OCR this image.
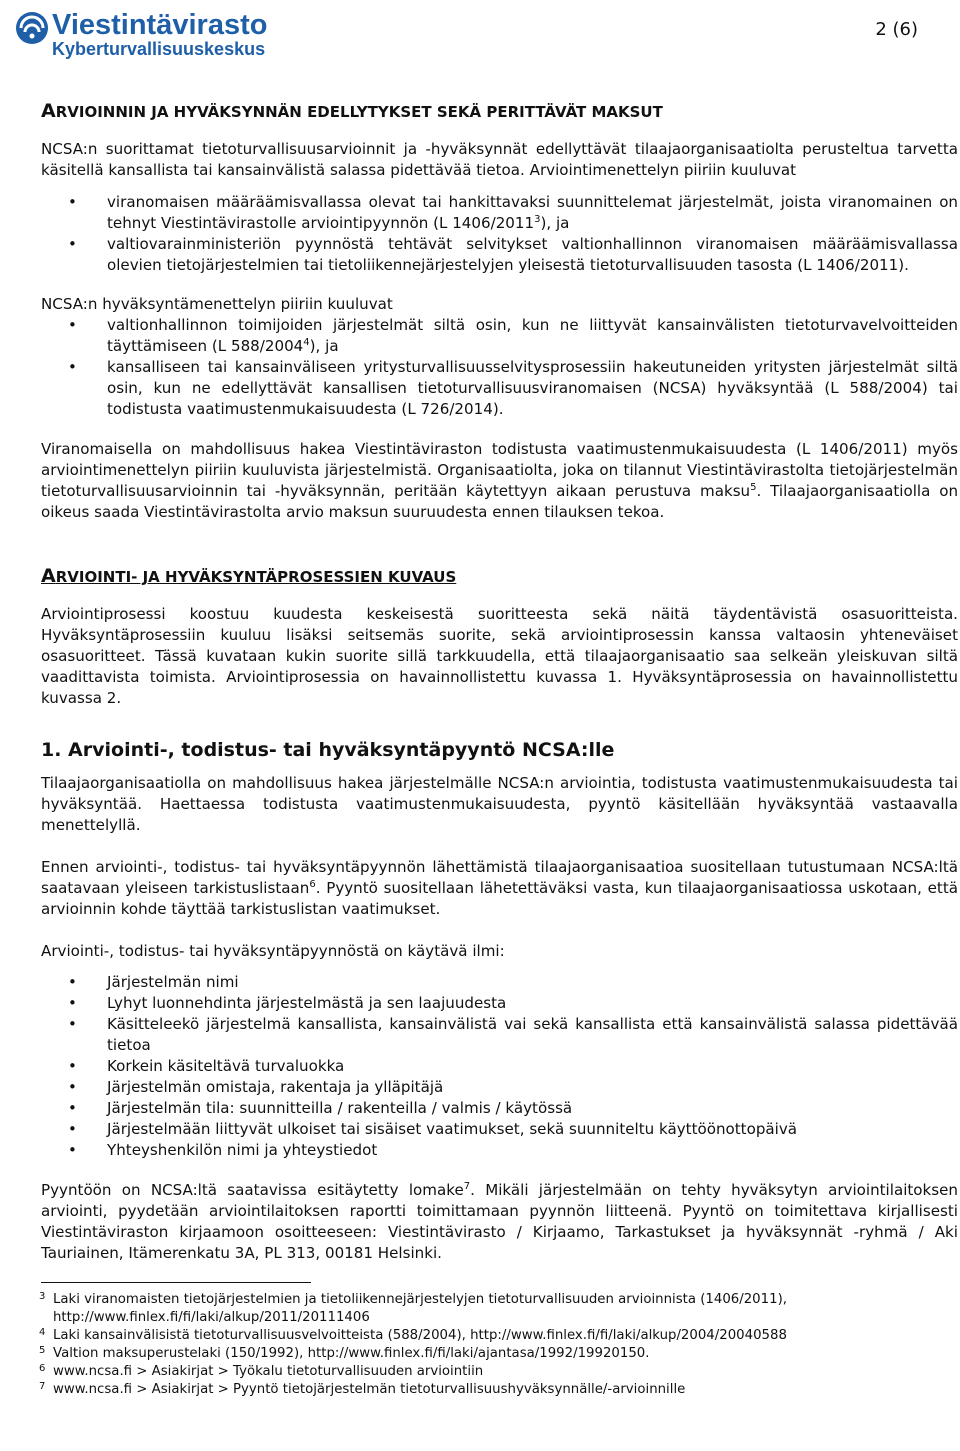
Viestintävirasto
Kyberturvallisuuskeskus
2 (6)

ARVIOINNIN JA HYVÄKSYNNÄN EDELLYTYKSET SEKÄ PERITTÄVÄT MAKSUT

NCSA:n suorittamat tietoturvallisuusarvioinnit ja -hyväksynnät edellyttävät tilaajaorganisaatiolta perusteltua tarvetta käsitellä kansallista tai kansainvälistä salassa pidettävää tietoa. Arviointimenettelyn piiriin kuuluvat

• viranomaisen määräämisvallassa olevat tai hankittavaksi suunnittelemat järjestelmät, joista viranomainen on tehnyt Viestintävirastolle arviointipyynnön (L 1406/2011$^3$), ja
• valtiovarainministeriön pyynnöstä tehtävät selvitykset valtionhallinnon viranomaisen määräämisvallassa olevien tietojärjestelmien tai tietoliikennejärjestelyjen yleisestä tietoturvallisuuden tasosta (L 1406/2011).

NCSA:n hyväksyntämenettelyn piiriin kuuluvat

• valtionhallinnon toimijoiden järjestelmät siltä osin, kun ne liittyvät kansainvälisten tietoturvavelvoitteiden täyttämiseen (L 588/2004$^4$), ja
• kansalliseen tai kansainväliseen yritysturvallisuusselvitysprosessiin hakeutuneiden yritysten järjestelmät siltä osin, kun ne edellyttävät kansallisen tietoturvallisuusviranomaisen (NCSA) hyväksyntää (L 588/2004) tai todistusta vaatimustenmukaisuudesta (L 726/2014).

Viranomaisella on mahdollisuus hakea Viestintäviraston todistusta vaatimustenmukaisuudesta (L 1406/2011) myös arviointimenettelyn piiriin kuuluvista järjestelmistä. Organisaatiolta, joka on tilannut Viestintävirastolta tietojärjestelmän tietoturvallisuusarvioinnin tai -hyväksynnän, peritään käytettyyn aikaan perustuva maksu$^5$. Tilaajaorganisaatiolla on oikeus saada Viestintävirastolta arvio maksun suuruudesta ennen tilauksen tekoa.

ARVIOINTI- JA HYVÄKSYNTÄPROSESSIEN KUVAUS

Arviointiprosessi koostuu kuudesta keskeisestä suoritteesta sekä näitä täydentävistä osasuoritteista. Hyväksyntäprosessiin kuuluu lisäksi seitsemäs suorite, sekä arviointiprosessin kanssa valtaosin yhteneväiset osasuoritteet. Tässä kuvataan kukin suorite sillä tarkkuudella, että tilaajaorganisaatio saa selkeän yleiskuvan siltä vaadittavista toimista. Arviointiprosessia on havainnollistettu kuvassa 1. Hyväksyntäprosessia on havainnollistettu kuvassa 2.

1. Arviointi-, todistus- tai hyväksyntäpyyntö NCSA:lle

Tilaajaorganisaatiolla on mahdollisuus hakea järjestelmälle NCSA:n arviointia, todistusta vaatimustenmukaisuudesta tai hyväksyntää. Haettaessa todistusta vaatimustenmukaisuudesta, pyyntö käsitellään hyväksyntää vastaavalla menettelyllä.

Ennen arviointi-, todistus- tai hyväksyntäpyynnön lähettämistä tilaajaorganisaatioa suositellaan tutustumaan NCSA:ltä saatavaan yleiseen tarkistuslistaan$^6$. Pyyntö suositellaan lähetettäväksi vasta, kun tilaajaorganisaatiossa uskotaan, että arvioinnin kohde täyttää tarkistuslistan vaatimukset.

Arviointi-, todistus- tai hyväksyntäpyynnöstä on käytävä ilmi:

• Järjestelmän nimi
• Lyhyt luonnehdinta järjestelmästä ja sen laajuudesta
• Käsitteleekö järjestelmä kansallista, kansainvälistä vai sekä kansallista että kansainvälistä salassa pidettävää tietoa
• Korkein käsiteltävä turvaluokka
• Järjestelmän omistaja, rakentaja ja ylläpitäjä
• Järjestelmän tila: suunnitteilla / rakenteilla / valmis / käytössä
• Järjestelmään liittyvät ulkoiset tai sisäiset vaatimukset, sekä suunniteltu käyttöönottopäivä
• Yhteyshenkilön nimi ja yhteystiedot

Pyyntöön on NCSA:ltä saatavissa esitäytetty lomake$^7$. Mikäli järjestelmään on tehty hyväksytyn arviointilaitoksen arviointi, pyydetään arviointilaitoksen raportti toimittamaan pyynnön liitteenä. Pyyntö on toimitettava kirjallisesti Viestintäviraston kirjaamoon osoitteeseen: Viestintävirasto / Kirjaamo, Tarkastukset ja hyväksynnät -ryhmä / Aki Tauriainen, Itämerenkatu 3A, PL 313, 00181 Helsinki.

3 Laki viranomaisten tietojärjestelmien ja tietoliikennejärjestelyjen tietoturvallisuuden arvioinnista (1406/2011), http://www.finlex.fi/fi/laki/alkup/2011/20111406

4 Laki kansainvälisistä tietoturvallisuusvelvoitteista (588/2004), http://www.finlex.fi/fi/laki/alkup/2004/20040588

5 Valtion maksuperustelaki (150/1992), http://www.finlex.fi/fi/laki/ajantasa/1992/19920150.

6 www.ncsa.fi > Asiakirjat > Työkalu tietoturvallisuuden arviointiin

7 www.ncsa.fi > Asiakirjat > Pyyntö tietojärjestelmän tietoturvallisuushyväksynnälle/-arvioinnille
